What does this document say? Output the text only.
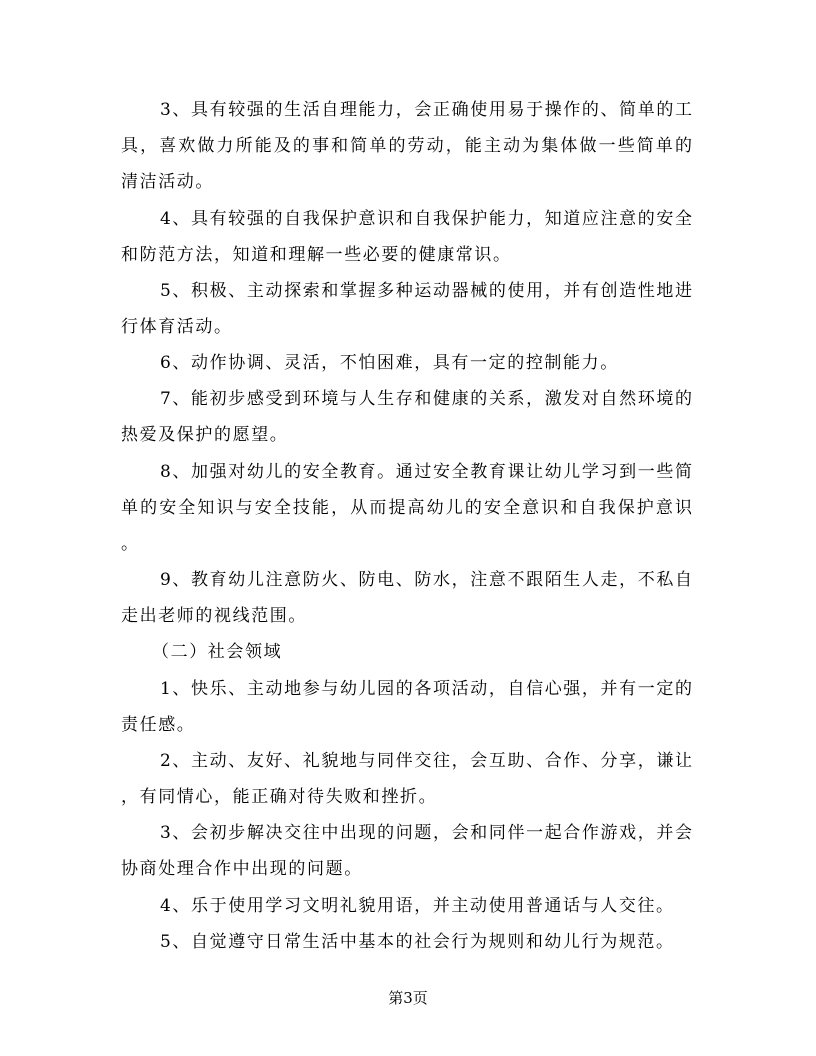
3、具有较强的生活自理能力，会正确使用易于操作的、简单的工
具，喜欢做力所能及的事和简单的劳动，能主动为集体做一些简单的
清洁活动。
4、具有较强的自我保护意识和自我保护能力，知道应注意的安全
和防范方法，知道和理解一些必要的健康常识。
5、积极、主动探索和掌握多种运动器械的使用，并有创造性地进
行体育活动。
6、动作协调、灵活，不怕困难，具有一定的控制能力。
7、能初步感受到环境与人生存和健康的关系，激发对自然环境的
热爱及保护的愿望。
8、加强对幼儿的安全教育。通过安全教育课让幼儿学习到一些简
单的安全知识与安全技能，从而提高幼儿的安全意识和自我保护意识
。
9、教育幼儿注意防火、防电、防水，注意不跟陌生人走，不私自
走出老师的视线范围。
（二）社会领域
1、快乐、主动地参与幼儿园的各项活动，自信心强，并有一定的
责任感。
2、主动、友好、礼貌地与同伴交往，会互助、合作、分享，谦让
，有同情心，能正确对待失败和挫折。
3、会初步解决交往中出现的问题，会和同伴一起合作游戏，并会
协商处理合作中出现的问题。
4、乐于使用学习文明礼貌用语，并主动使用普通话与人交往。
5、自觉遵守日常生活中基本的社会行为规则和幼儿行为规范。
第3页
